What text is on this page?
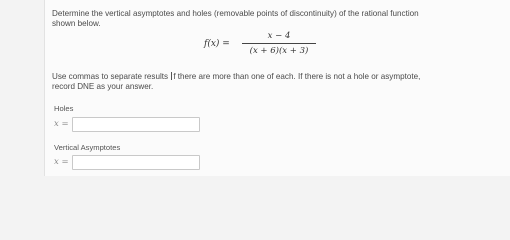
Determine the vertical asymptotes and holes (removable points of discontinuity) of the rational function
shown below.
f(x) =
x − 4
(x + 6)(x + 3)
Use commas to separate results f there are more than one of each. If there is not a hole or asymptote,
record DNE as your answer.
Holes
x =
Vertical Asymptotes
x =
